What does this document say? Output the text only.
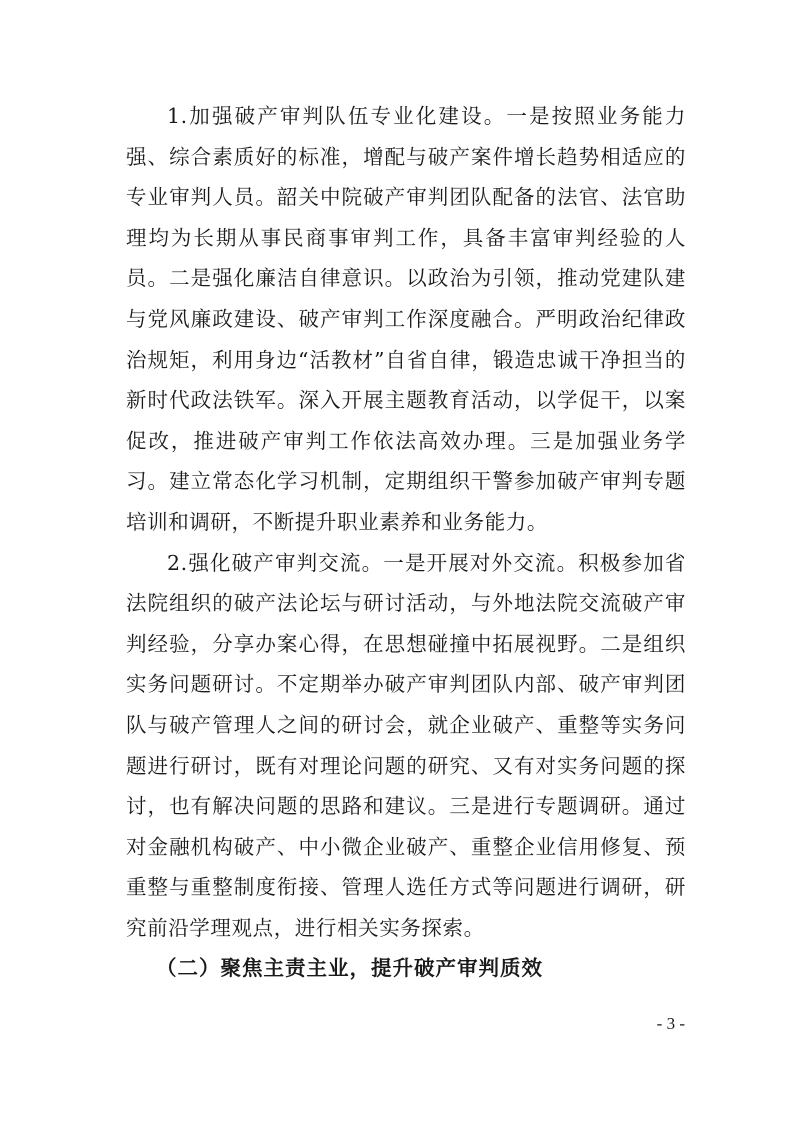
1.加强破产审判队伍专业化建设。一是按照业务能力强、综合素质好的标准，增配与破产案件增长趋势相适应的专业审判人员。韶关中院破产审判团队配备的法官、法官助理均为长期从事民商事审判工作，具备丰富审判经验的人员。二是强化廉洁自律意识。以政治为引领，推动党建队建与党风廉政建设、破产审判工作深度融合。严明政治纪律政治规矩，利用身边“活教材”自省自律，锻造忠诚干净担当的新时代政法铁军。深入开展主题教育活动，以学促干，以案促改，推进破产审判工作依法高效办理。三是加强业务学习。建立常态化学习机制，定期组织干警参加破产审判专题培训和调研，不断提升职业素养和业务能力。

2.强化破产审判交流。一是开展对外交流。积极参加省法院组织的破产法论坛与研讨活动，与外地法院交流破产审判经验，分享办案心得，在思想碰撞中拓展视野。二是组织实务问题研讨。不定期举办破产审判团队内部、破产审判团队与破产管理人之间的研讨会，就企业破产、重整等实务问题进行研讨，既有对理论问题的研究、又有对实务问题的探讨，也有解决问题的思路和建议。三是进行专题调研。通过对金融机构破产、中小微企业破产、重整企业信用修复、预重整与重整制度衔接、管理人选任方式等问题进行调研，研究前沿学理观点，进行相关实务探索。

（二）聚焦主责主业，提升破产审判质效

- 3 -
